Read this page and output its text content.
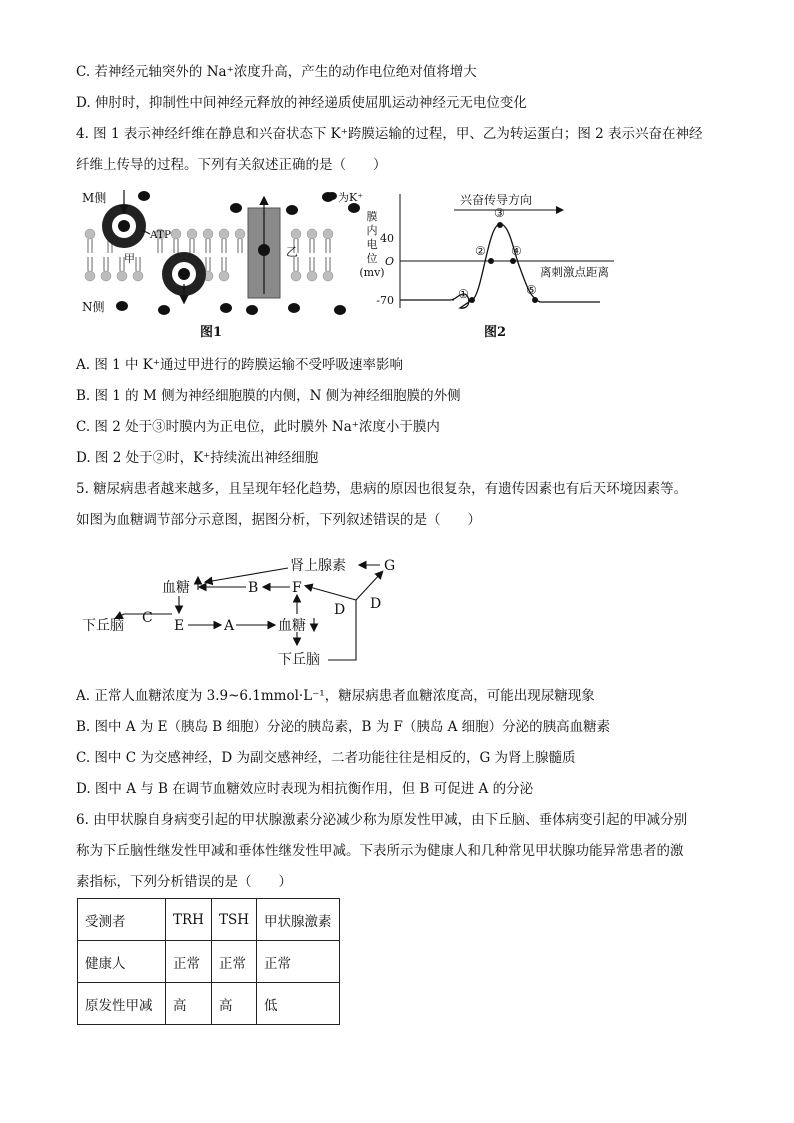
C. 若神经元轴突外的 Na⁺浓度升高，产生的动作电位绝对值将增大
D. 伸肘时，抑制性中间神经元释放的神经递质使屈肌运动神经元无电位变化
4. 图 1 表示神经纤维在静息和兴奋状态下 K⁺跨膜运输的过程，甲、乙为转运蛋白；图 2 表示兴奋在神经
纤维上传导的过程。下列有关叙述正确的是（　　）
M侧
N侧
ATP
甲	乙
为K⁺
图1
膜
内
电
位
(mv)
40
O
-70
兴奋传导方向
①
②
③
④
⑤
离刺激点距离
图2
A. 图 1 中 K⁺通过甲进行的跨膜运输不受呼吸速率影响
B. 图 1 的 M 侧为神经细胞膜的内侧，N 侧为神经细胞膜的外侧
C. 图 2 处于③时膜内为正电位，此时膜外 Na⁺浓度小于膜内
D. 图 2 处于②时，K⁺持续流出神经细胞
5. 糖尿病患者越来越多，且呈现年轻化趋势，患病的原因也很复杂，有遗传因素也有后天环境因素等。
如图为血糖调节部分示意图，据图分析，下列叙述错误的是（　　）
肾上腺素	G
血糖	B F
下丘脑 C E	A	血糖
D D
下丘脑
A. 正常人血糖浓度为 3.9~6.1mmol·L⁻¹，糖尿病患者血糖浓度高，可能出现尿糖现象
B. 图中 A 为 E（胰岛 B 细胞）分泌的胰岛素，B 为 F（胰岛 A 细胞）分泌的胰高血糖素
C. 图中 C 为交感神经，D 为副交感神经，二者功能往往是相反的，G 为肾上腺髓质
D. 图中 A 与 B 在调节血糖效应时表现为相抗衡作用，但 B 可促进 A 的分泌
6. 由甲状腺自身病变引起的甲状腺激素分泌减少称为原发性甲减，由下丘脑、垂体病变引起的甲减分别
称为下丘脑性继发性甲减和垂体性继发性甲减。下表所示为健康人和几种常见甲状腺功能异常患者的激
素指标，下列分析错误的是（　　）
受测者	TRH	TSH	甲状腺激素
健康人	正常	正常	正常
原发性甲减	高	高	低
